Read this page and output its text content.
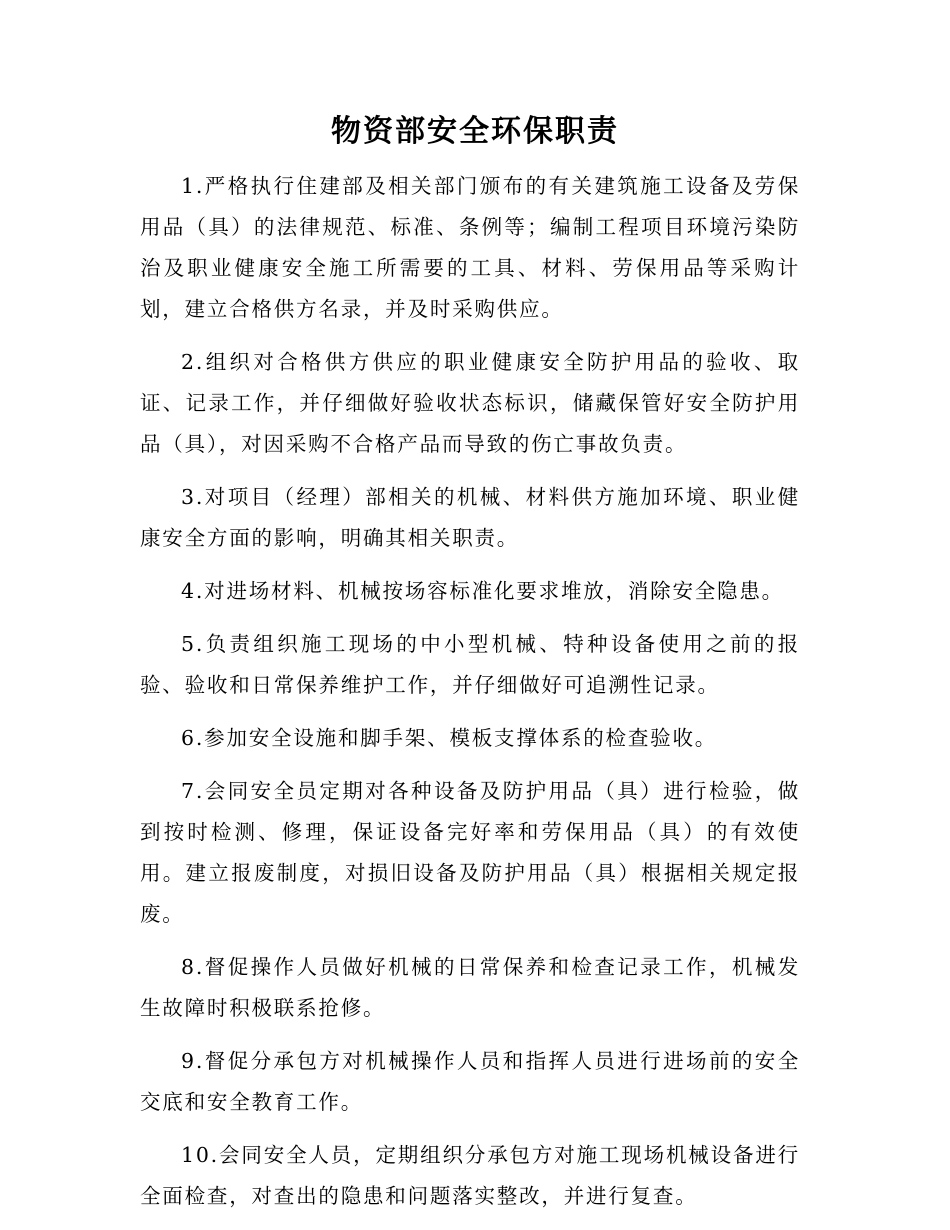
物资部安全环保职责

1.严格执行住建部及相关部门颁布的有关建筑施工设备及劳保用品（具）的法律规范、标准、条例等；编制工程项目环境污染防治及职业健康安全施工所需要的工具、材料、劳保用品等采购计划，建立合格供方名录，并及时采购供应。

2.组织对合格供方供应的职业健康安全防护用品的验收、取证、记录工作，并仔细做好验收状态标识，储藏保管好安全防护用品（具），对因采购不合格产品而导致的伤亡事故负责。

3.对项目（经理）部相关的机械、材料供方施加环境、职业健康安全方面的影响，明确其相关职责。

4.对进场材料、机械按场容标准化要求堆放，消除安全隐患。

5.负责组织施工现场的中小型机械、特种设备使用之前的报验、验收和日常保养维护工作，并仔细做好可追溯性记录。

6.参加安全设施和脚手架、模板支撑体系的检查验收。

7.会同安全员定期对各种设备及防护用品（具）进行检验，做到按时检测、修理，保证设备完好率和劳保用品（具）的有效使用。建立报废制度，对损旧设备及防护用品（具）根据相关规定报废。

8.督促操作人员做好机械的日常保养和检查记录工作，机械发生故障时积极联系抢修。

9.督促分承包方对机械操作人员和指挥人员进行进场前的安全交底和安全教育工作。

10.会同安全人员，定期组织分承包方对施工现场机械设备进行全面检查，对查出的隐患和问题落实整改，并进行复查。
